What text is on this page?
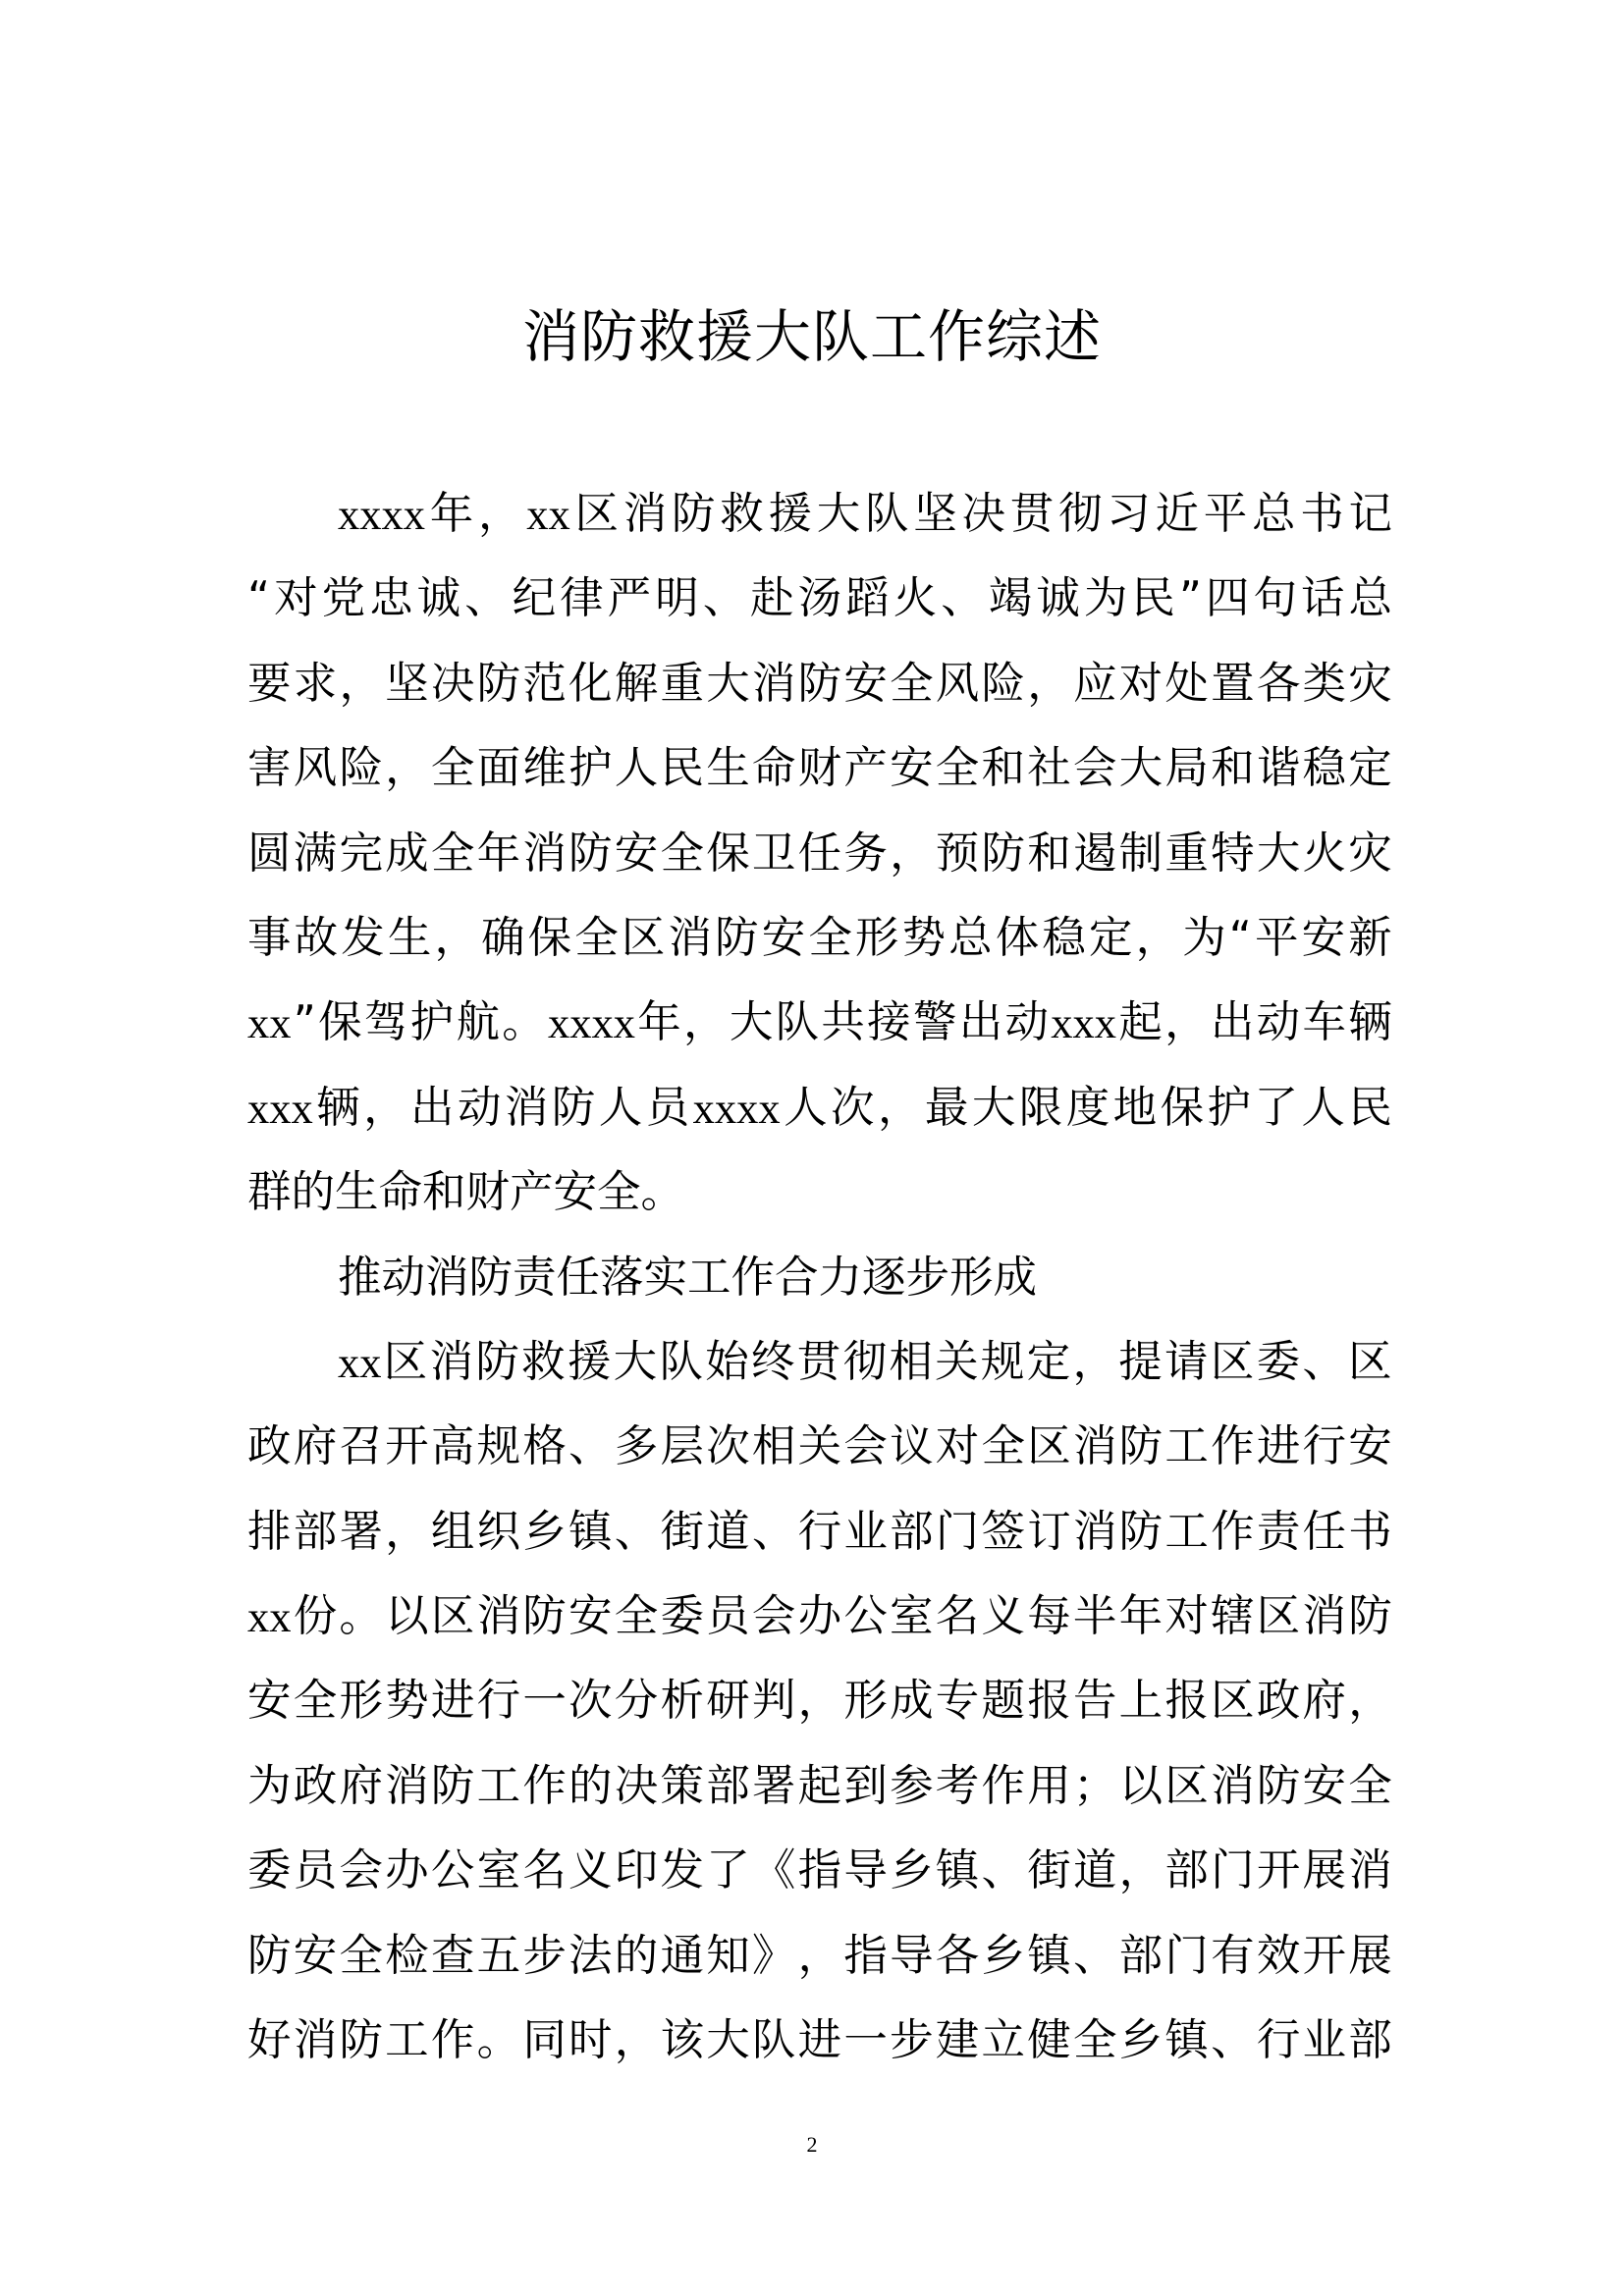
消防救援大队工作综述
xxxx 年 ， xx 区 消 防 救 援 大 队 坚 决 贯 彻 习 近 平 总 书 记
“ 对 党 忠 诚 、 纪 律 严 明 、 赴 汤 蹈 火 、 竭 诚 为 民 ” 四 句 话 总
要 求 ， 坚 决 防 范 化 解 重 大 消 防 安 全 风 险 ， 应 对 处 置 各 类 灾
害 风 险 ， 全 面 维 护 人 民 生 命 财 产 安 全 和 社 会 大 局 和 谐 稳 定
圆 满 完 成 全 年 消 防 安 全 保 卫 任 务 ， 预 防 和 遏 制 重 特 大 火 灾
事 故 发 生 ， 确 保 全 区 消 防 安 全 形 势 总 体 稳 定 ， 为 “ 平 安 新
xx ” 保 驾 护 航 。 xxxx 年 ， 大 队 共 接 警 出 动 xxx 起 ， 出 动 车 辆
xxx 辆 ， 出 动 消 防 人 员 xxxx 人 次 ， 最 大 限 度 地 保 护 了 人 民
群的生命和财产安全。
推动消防责任落实工作合力逐步形成
xx 区 消 防 救 援 大 队 始 终 贯 彻 相 关 规 定 ， 提 请 区 委 、 区
政 府 召 开 高 规 格 、 多 层 次 相 关 会 议 对 全 区 消 防 工 作 进 行 安
排 部 署 ， 组 织 乡 镇 、 街 道 、 行 业 部 门 签 订 消 防 工 作 责 任 书
xx 份 。 以 区 消 防 安 全 委 员 会 办 公 室 名 义 每 半 年 对 辖 区 消 防
安 全 形 势 进 行 一 次 分 析 研 判 ， 形 成 专 题 报 告 上 报 区 政 府 ，
为 政 府 消 防 工 作 的 决 策 部 署 起 到 参 考 作 用 ； 以 区 消 防 安 全
委 员 会 办 公 室 名 义 印 发 了 《 指 导 乡 镇 、 街 道 ， 部 门 开 展 消
防 安 全 检 查 五 步 法 的 通 知 》 ， 指 导 各 乡 镇 、 部 门 有 效 开 展
好 消 防 工 作 。 同 时 ， 该 大 队 进 一 步 建 立 健 全 乡 镇 、 行 业 部
2
